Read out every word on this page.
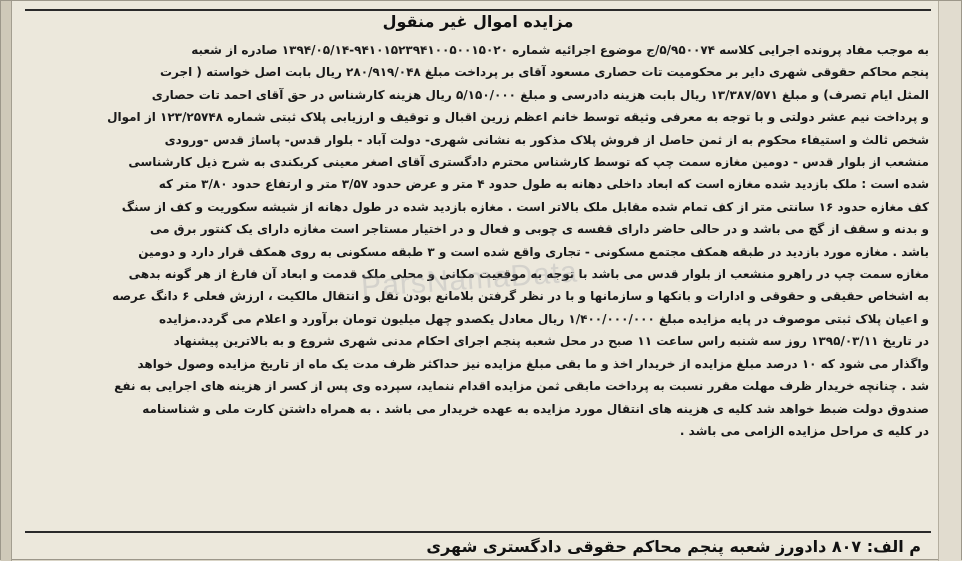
مزایده اموال غیر منقول
به موجب مفاد پرونده اجرایی کلاسه ۵/۹۵۰۰۷۴/ج موضوع اجرائیه شماره ۹۴۱۰۱۵۲۳۹۴۱۰۰۵۰۰۱۵۰۲۰-۱۳۹۴/۰۵/۱۴ صادره از شعبه
پنجم محاکم حقوقی شهری دایر بر محکومیت تات حصاری مسعود آقای بر پرداخت مبلغ ۲۸۰/۹۱۹/۰۴۸ ریال بابت اصل خواسته ( اجرت
المثل ایام تصرف) و مبلغ ۱۳/۳۸۷/۵۷۱ ریال بابت هزینه دادرسی و مبلغ ۵/۱۵۰/۰۰۰ ریال هزینه کارشناس در حق آقای احمد تات حصاری
و پرداخت نیم عشر دولتی و با توجه به معرفی وثیقه توسط خانم اعظم زرین اقبال و توقیف و ارزیابی پلاک ثبتی شماره ۱۲۳/۲۵۷۴۸ از اموال
شخص ثالث و استیفاء محکوم به از ثمن حاصل از فروش پلاک مذکور به نشانی شهری- دولت آباد - بلوار قدس- پاساژ قدس -ورودی
منشعب از بلوار قدس - دومین مغازه سمت چپ که توسط کارشناس محترم دادگستری آقای اصغر معینی کربکندی به شرح ذیل کارشناسی
شده است : ملک بازدید شده مغازه است که ابعاد داخلی دهانه به طول حدود ۴ متر و عرض حدود ۳/۵۷ متر و ارتفاع حدود ۳/۸۰ متر که
کف مغازه حدود ۱۶ سانتی متر از کف تمام شده مقابل ملک بالاتر است . مغازه بازدید شده در طول دهانه از شیشه سکوریت و کف از سنگ
و بدنه و سقف از گچ می باشد و در حالی حاضر دارای قفسه ی چوبی و فعال و در اختیار مستاجر است مغازه دارای یک کنتور برق می
باشد . مغازه مورد بازدید در طبقه همکف مجتمع مسکونی - تجاری واقع شده است و ۳ طبقه مسکونی به روی همکف قرار دارد و دومین
مغازه سمت چپ در راهرو منشعب از بلوار قدس می باشد با توجه به موقعیت مکانی و محلی ملک قدمت و ابعاد آن فارغ از هر گونه بدهی
به اشخاص حقیقی و حقوقی و ادارات و بانکها و سازمانها و با در نظر گرفتن بلامانع بودن نقل و انتقال مالکیت ، ارزش فعلی ۶ دانگ عرصه
و اعیان پلاک ثبتی موصوف در پایه مزایده مبلغ ۱/۴۰۰/۰۰۰/۰۰۰ ریال معادل یکصدو چهل میلیون تومان برآورد و اعلام می گردد.مزایده
در تاریخ ۱۳۹۵/۰۳/۱۱ روز سه شنبه راس ساعت ۱۱ صبح در محل شعبه پنجم اجرای احکام مدنی شهری شروع و به بالاترین پیشنهاد
واگذار می شود که ۱۰ درصد مبلغ مزایده از خریدار اخذ و ما بقی مبلغ مزایده نیز حداکثر ظرف مدت یک ماه از تاریخ مزایده وصول خواهد
شد . چنانچه خریدار ظرف مهلت مقرر نسبت به پرداخت مابقی ثمن مزایده اقدام ننماید، سپرده وی پس از کسر از هزینه های اجرایی به نفع
صندوق دولت ضبط خواهد شد کلیه ی هزینه های انتقال مورد مزایده به عهده خریدار می باشد . به همراه داشتن کارت ملی و شناسنامه
در کلیه ی مراحل مزایده الزامی می باشد .
ParsNamaData
م الف: ۸۰۷ دادورز شعبه پنجم محاکم حقوقی دادگستری شهری
